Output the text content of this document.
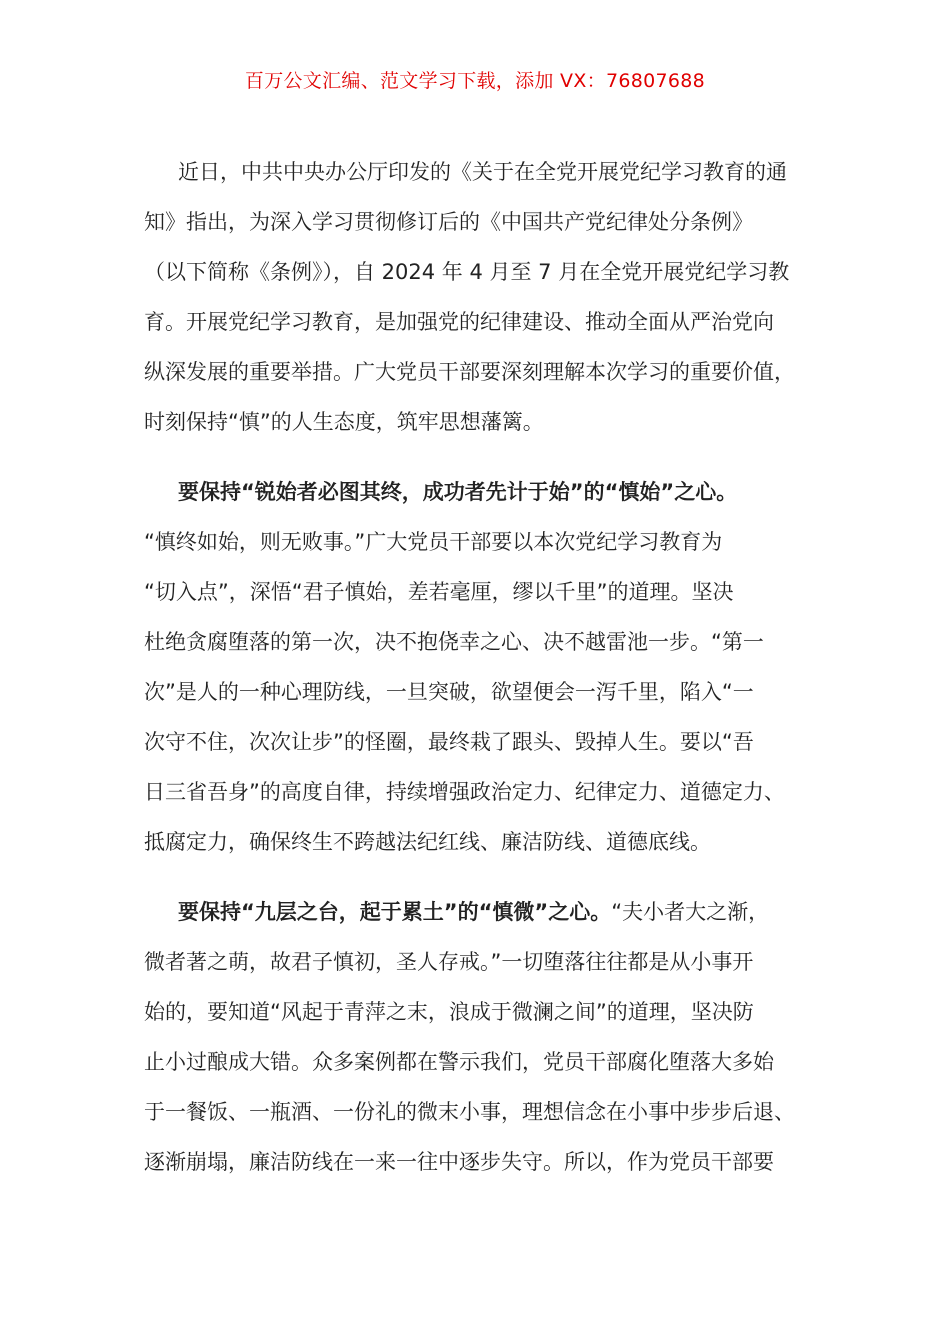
百万公文汇编、范文学习下载，添加 VX：76807688
近日，中共中央办公厅印发的《关于在全党开展党纪学习教育的通
知》指出，为深入学习贯彻修订后的《中国共产党纪律处分条例》
（以下简称《条例》），自 2024 年 4 月至 7 月在全党开展党纪学习教
育。开展党纪学习教育，是加强党的纪律建设、推动全面从严治党向
纵深发展的重要举措。广大党员干部要深刻理解本次学习的重要价值，
时刻保持“慎”的人生态度，筑牢思想藩篱。
要保持“锐始者必图其终，成功者先计于始”的“慎始”之心。
“慎终如始，则无败事。”广大党员干部要以本次党纪学习教育为
“切入点”，深悟“君子慎始，差若毫厘，缪以千里”的道理。坚决
杜绝贪腐堕落的第一次，决不抱侥幸之心、决不越雷池一步。“第一
次”是人的一种心理防线，一旦突破，欲望便会一泻千里，陷入“一
次守不住，次次让步”的怪圈，最终栽了跟头、毁掉人生。要以“吾
日三省吾身”的高度自律，持续增强政治定力、纪律定力、道德定力、
抵腐定力，确保终生不跨越法纪红线、廉洁防线、道德底线。
要保持“九层之台，起于累土”的“慎微”之心。“夫小者大之渐，
微者著之萌，故君子慎初，圣人存戒。”一切堕落往往都是从小事开
始的，要知道“风起于青萍之末，浪成于微澜之间”的道理，坚决防
止小过酿成大错。众多案例都在警示我们，党员干部腐化堕落大多始
于一餐饭、一瓶酒、一份礼的微末小事，理想信念在小事中步步后退、
逐渐崩塌，廉洁防线在一来一往中逐步失守。所以，作为党员干部要
